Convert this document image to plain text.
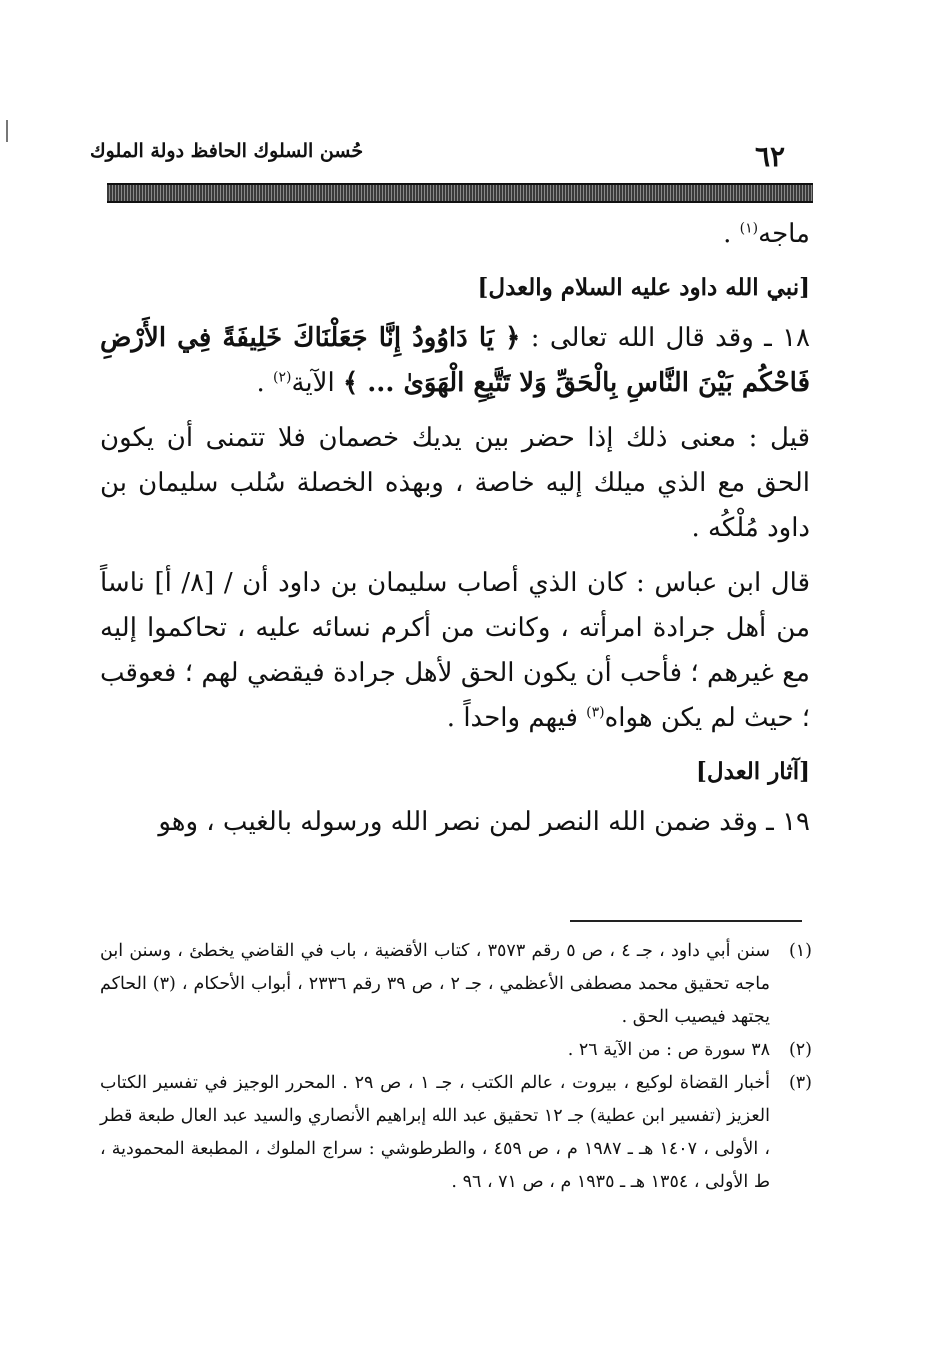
حُسن السلوك الحافظ دولة الملوك	٦٢

ماجه$^{(١)}$ .

[نبي الله داود عليه السلام والعدل]

١٨ ـ وقد قال الله تعالى : ﴿ يَا دَاوُودُ إِنَّا جَعَلْنَاكَ خَلِيفَةً فِي الأَرْضِ فَاحْكُم بَيْنَ النَّاسِ بِالْحَقِّ وَلا تَتَّبِعِ الْهَوَىٰ ... ﴾ الآية$^{(٢)}$ .

قيل : معنى ذلك إذا حضر بين يديك خصمان فلا تتمنى أن يكون الحق مع الذي ميلك إليه خاصة ، وبهذه الخصلة سُلب سليمان بن داود مُلْكُه .

قال ابن عباس : كان الذي أصاب سليمان بن داود أن / [٨/ أ] ناساً من أهل جرادة امرأته ، وكانت من أكرم نسائه عليه ، تحاكموا إليه مع غيرهم ؛ فأحب أن يكون الحق لأهل جرادة فيقضي لهم ؛ فعوقب ؛ حيث لم يكن هواه$^{(٣)}$ فيهم واحداً .

[آثار العدل]

١٩ ـ وقد ضمن الله النصر لمن نصر الله ورسوله بالغيب ، وهو

(١)
سنن أبي داود ، جـ ٤ ، ص ٥ رقم ٣٥٧٣ ، كتاب الأقضية ، باب في القاضي يخطئ ، وسنن ابن ماجه تحقيق محمد مصطفى الأعظمي ، جـ ٢ ، ص ٣٩ رقم ٢٣٣٦ ، أبواب الأحكام ، (٣) الحاكم يجتهد فيصيب الحق .

(٢)
٣٨ سورة ص : من الآية ٢٦ .

(٣)
أخبار القضاة لوكيع ، بيروت ، عالم الكتب ، جـ ١ ، ص ٢٩ . المحرر الوجيز في تفسير الكتاب العزيز (تفسير ابن عطية) جـ ١٢ تحقيق عبد الله إبراهيم الأنصاري والسيد عبد العال طبعة قطر ، الأولى ، ١٤٠٧ هـ ـ ١٩٨٧ م ، ص ٤٥٩ ، والطرطوشي : سراج الملوك ، المطبعة المحمودية ، ط الأولى ، ١٣٥٤ هـ ـ ١٩٣٥ م ، ص ٧١ ، ٩٦ .
